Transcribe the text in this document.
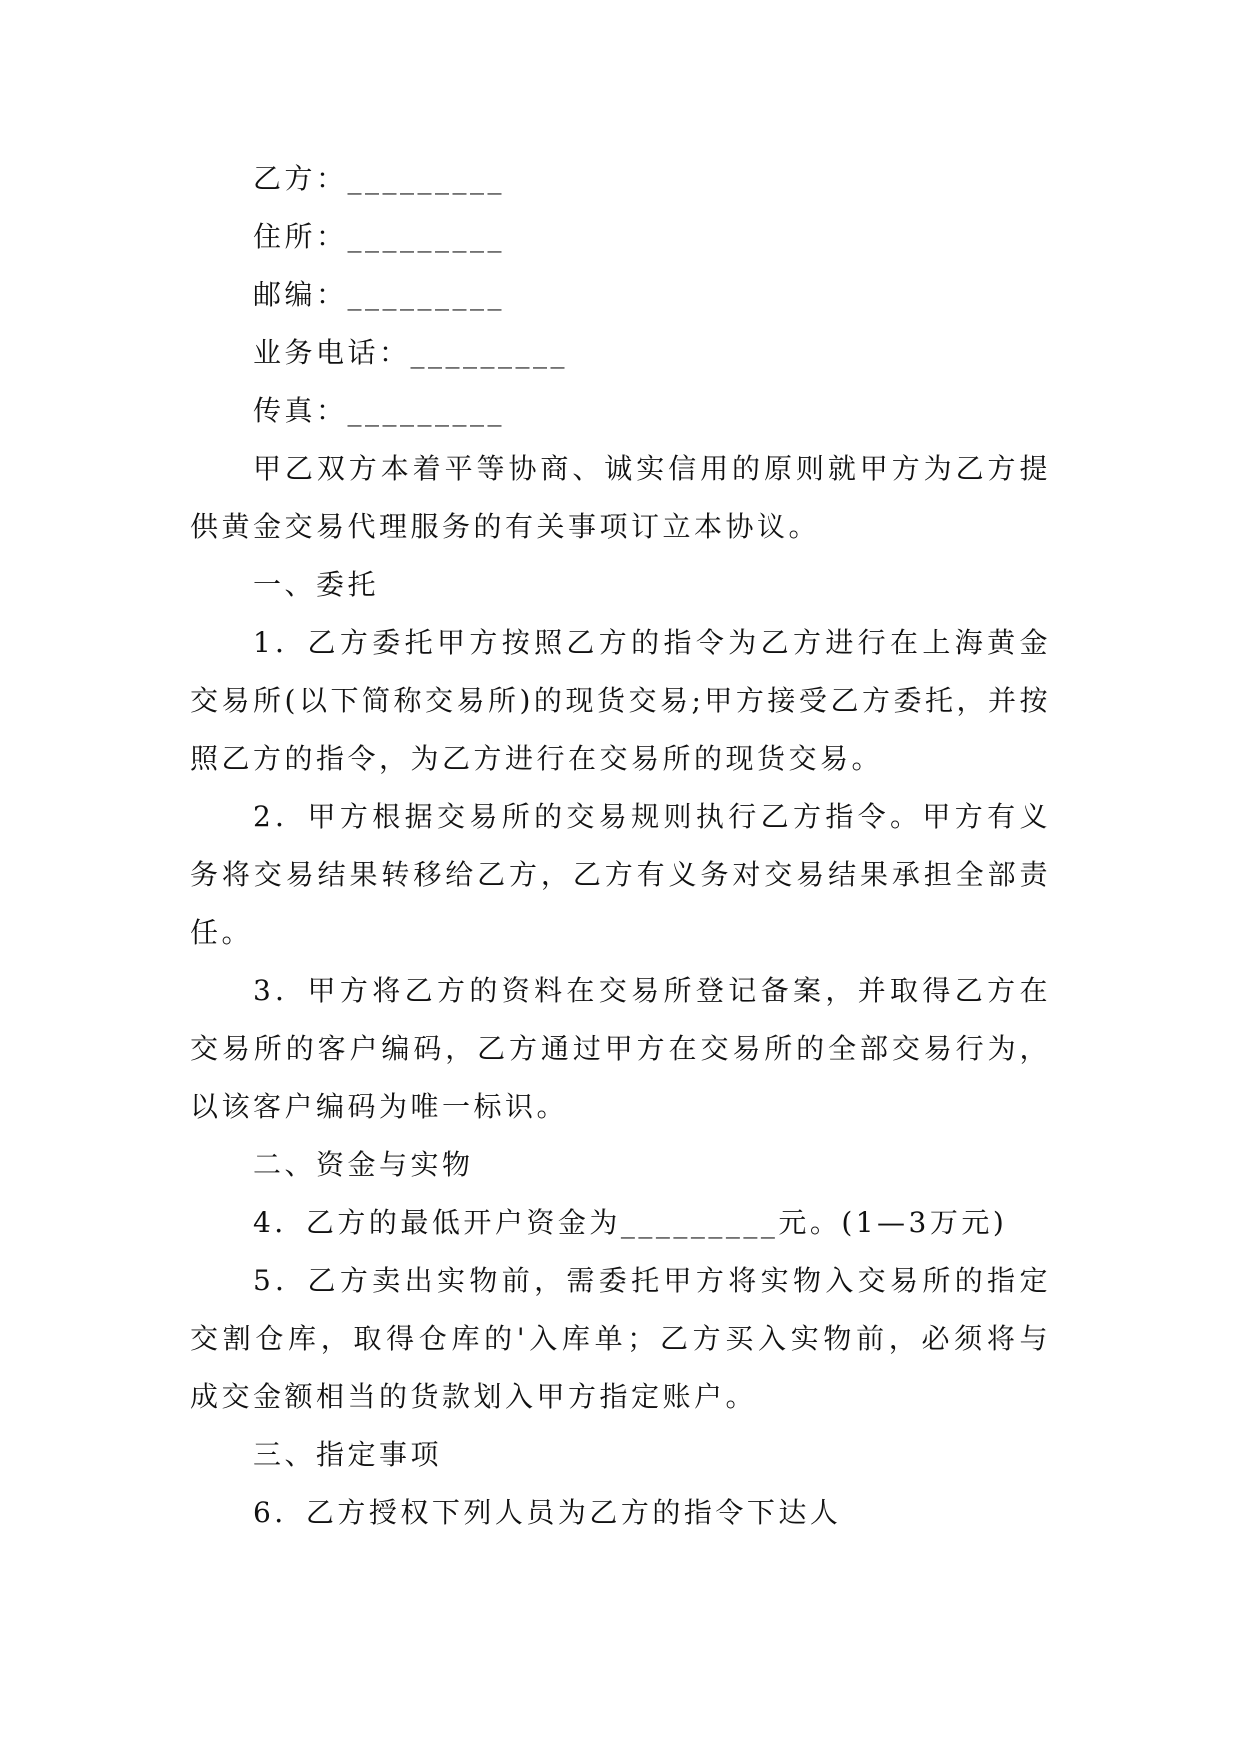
乙方：_________

住所：_________

邮编：_________

业务电话：_________

传真：_________

甲乙双方本着平等协商、诚实信用的原则就甲方为乙方提供黄金交易代理服务的有关事项订立本协议。

一、委托

1．乙方委托甲方按照乙方的指令为乙方进行在上海黄金交易所(以下简称交易所)的现货交易;甲方接受乙方委托，并按照乙方的指令，为乙方进行在交易所的现货交易。

2．甲方根据交易所的交易规则执行乙方指令。甲方有义务将交易结果转移给乙方，乙方有义务对交易结果承担全部责任。

3．甲方将乙方的资料在交易所登记备案，并取得乙方在交易所的客户编码，乙方通过甲方在交易所的全部交易行为，以该客户编码为唯一标识。

二、资金与实物

4．乙方的最低开户资金为_________元。(1—3万元)

5．乙方卖出实物前，需委托甲方将实物入交易所的指定交割仓库，取得仓库的'入库单；乙方买入实物前，必须将与成交金额相当的货款划入甲方指定账户。

三、指定事项

6．乙方授权下列人员为乙方的指令下达人
